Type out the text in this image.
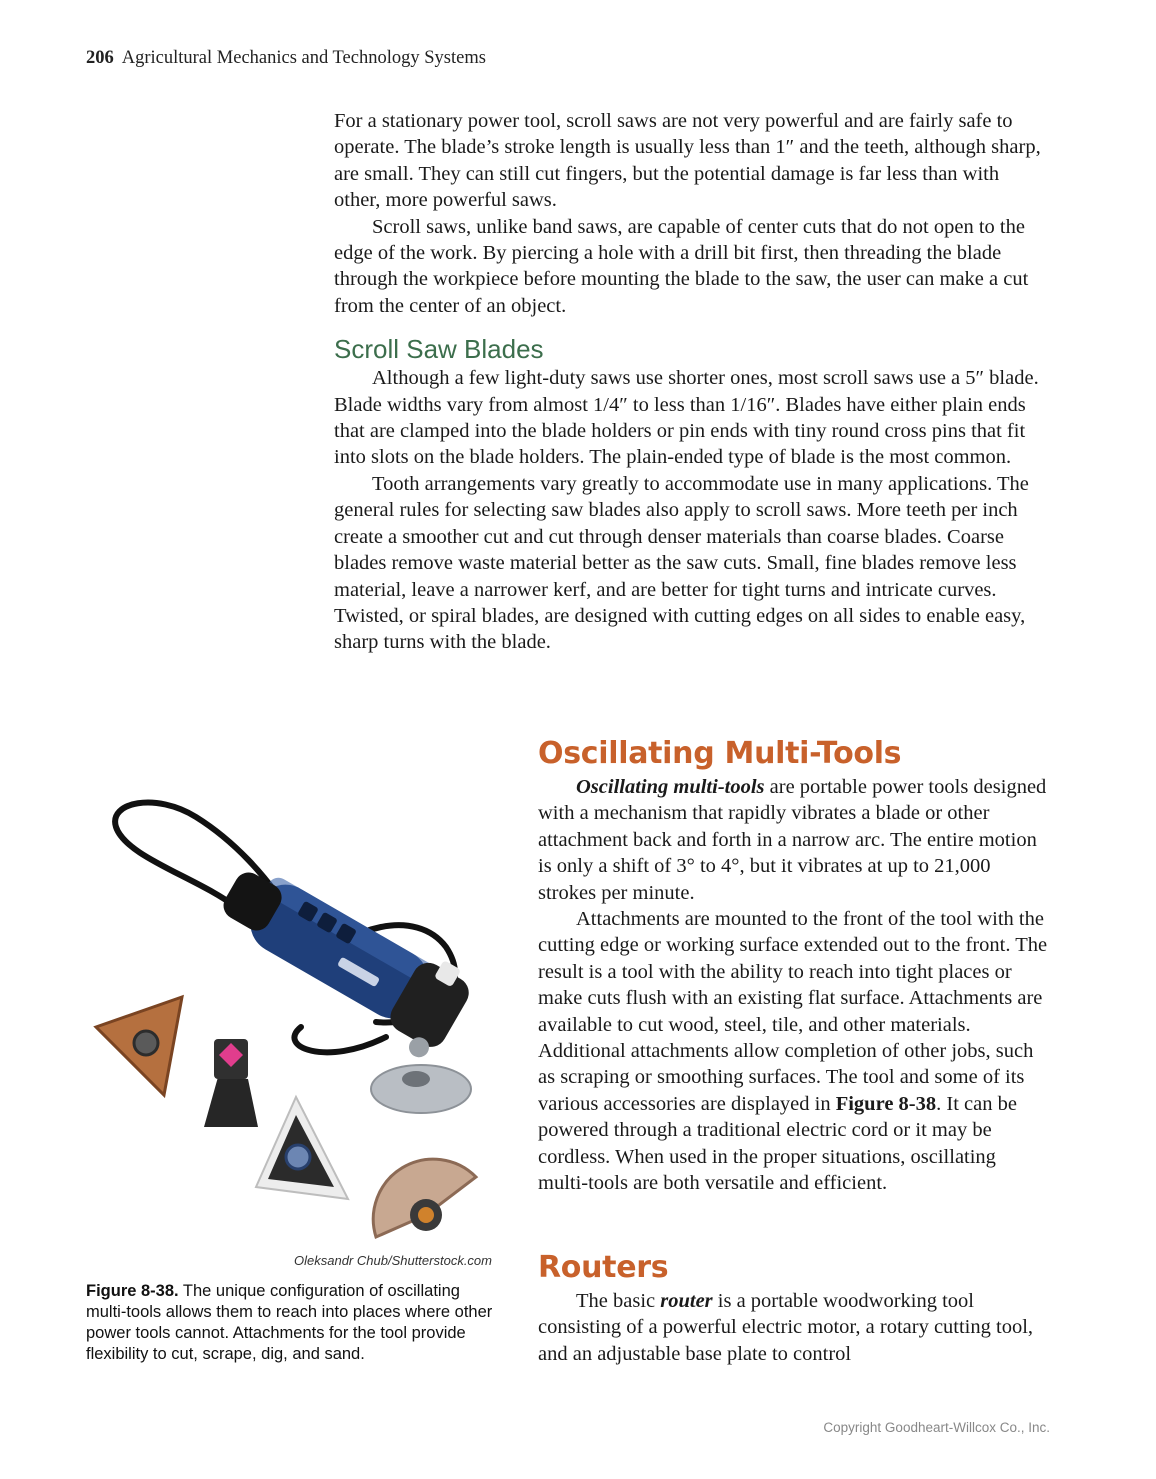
206 Agricultural Mechanics and Technology Systems

For a stationary power tool, scroll saws are not very powerful and are fairly safe to operate. The blade’s stroke length is usually less than 1″ and the teeth, although sharp, are small. They can still cut fingers, but the potential damage is far less than with other, more powerful saws.

Scroll saws, unlike band saws, are capable of center cuts that do not open to the edge of the work. By piercing a hole with a drill bit first, then threading the blade through the workpiece before mounting the blade to the saw, the user can make a cut from the center of an object.

Scroll Saw Blades

Although a few light-duty saws use shorter ones, most scroll saws use a 5″ blade. Blade widths vary from almost 1/4″ to less than 1/16″. Blades have either plain ends that are clamped into the blade holders or pin ends with tiny round cross pins that fit into slots on the blade holders. The plain-ended type of blade is the most common.

Tooth arrangements vary greatly to accommodate use in many applications. The general rules for selecting saw blades also apply to scroll saws. More teeth per inch create a smoother cut and cut through denser materials than coarse blades. Coarse blades remove waste material better as the saw cuts. Small, fine blades remove less material, leave a narrower kerf, and are better for tight turns and intricate curves. Twisted, or spiral blades, are designed with cutting edges on all sides to enable easy, sharp turns with the blade.

Oscillating Multi-Tools

Oscillating multi-tools are portable power tools designed with a mechanism that rapidly vibrates a blade or other attachment back and forth in a narrow arc. The entire motion is only a shift of 3° to 4°, but it vibrates at up to 21,000 strokes per minute.

Attachments are mounted to the front of the tool with the cutting edge or working surface extended out to the front. The result is a tool with the ability to reach into tight places or make cuts flush with an existing flat surface. Attachments are available to cut wood, steel, tile, and other materials. Additional attachments allow completion of other jobs, such as scraping or smoothing surfaces. The tool and some of its various accessories are displayed in Figure 8-38. It can be powered through a traditional electric cord or it may be cordless. When used in the proper situations, oscillating multi-tools are both versatile and efficient.

Routers

The basic router is a portable woodworking tool consisting of a powerful electric motor, a rotary cutting tool, and an adjustable base plate to control

Oleksandr Chub/Shutterstock.com
Figure 8-38. The unique configuration of oscillating multi-tools allows them to reach into places where other power tools cannot. Attachments for the tool provide flexibility to cut, scrape, dig, and sand.
Copyright Goodheart-Willcox Co., Inc.
